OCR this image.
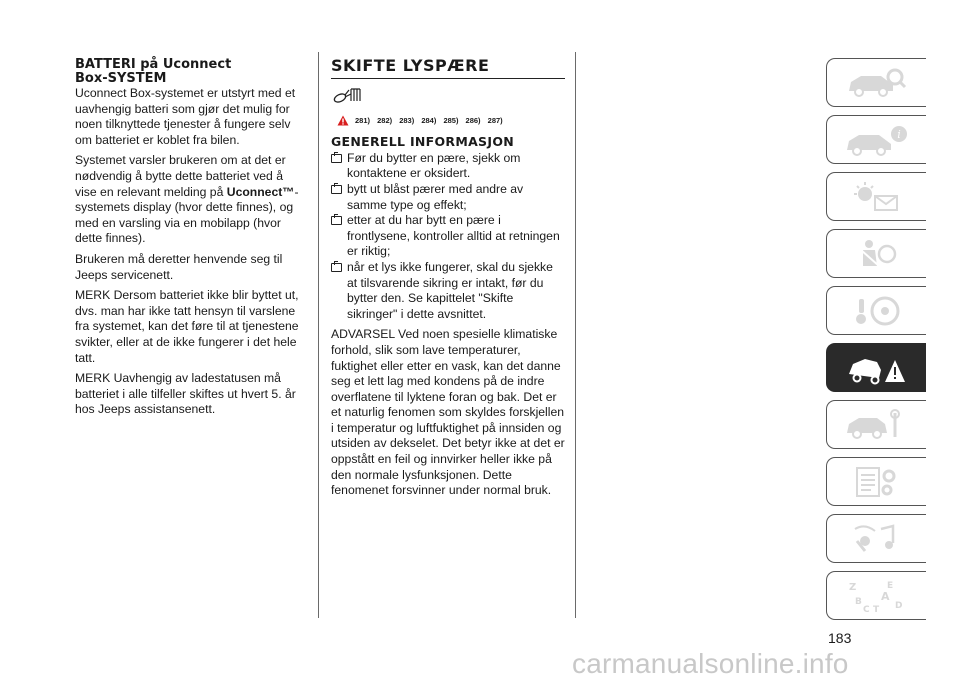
BATTERI på Uconnect
Box-SYSTEM

Uconnect Box-systemet er utstyrt med et uavhengig batteri som gjør det mulig for noen tilknyttede tjenester å fungere selv om batteriet er koblet fra bilen.

Systemet varsler brukeren om at det er nødvendig å bytte dette batteriet ved å vise en relevant melding på Uconnect™-systemets display (hvor dette finnes), og med en varsling via en mobilapp (hvor dette finnes).

Brukeren må deretter henvende seg til Jeeps servicenett.

MERK Dersom batteriet ikke blir byttet ut, dvs. man har ikke tatt hensyn til varslene fra systemet, kan det føre til at tjenestene svikter, eller at de ikke fungerer i det hele tatt.

MERK Uavhengig av ladestatusen må batteriet i alle tilfeller skiftes ut hvert 5. år hos Jeeps assistansenett.

SKIFTE LYSPÆRE
281) 282) 283) 284) 285) 286) 287)
GENERELL INFORMASJON
Før du bytter en pære, sjekk om kontaktene er oksidert.
bytt ut blåst pærer med andre av samme type og effekt;
etter at du har bytt en pære i frontlysene, kontroller alltid at retningen er riktig;
når et lys ikke fungerer, skal du sjekke at tilsvarende sikring er intakt, før du bytter den. Se kapittelet "Skifte sikringer" i dette avsnittet.

ADVARSEL Ved noen spesielle klimatiske forhold, slik som lave temperaturer, fuktighet eller etter en vask, kan det danne seg et lett lag med kondens på de indre overflatene til lyktene foran og bak. Det er et naturlig fenomen som skyldes forskjellen i temperatur og luftfuktighet på innsiden og utsiden av dekselet. Det betyr ikke at det er oppstått en feil og innvirker heller ikke på den normale lysfunksjonen. Dette fenomenet forsvinner under normal bruk.

i
Z	E
B A
C T D
183
carmanualsonline.info
